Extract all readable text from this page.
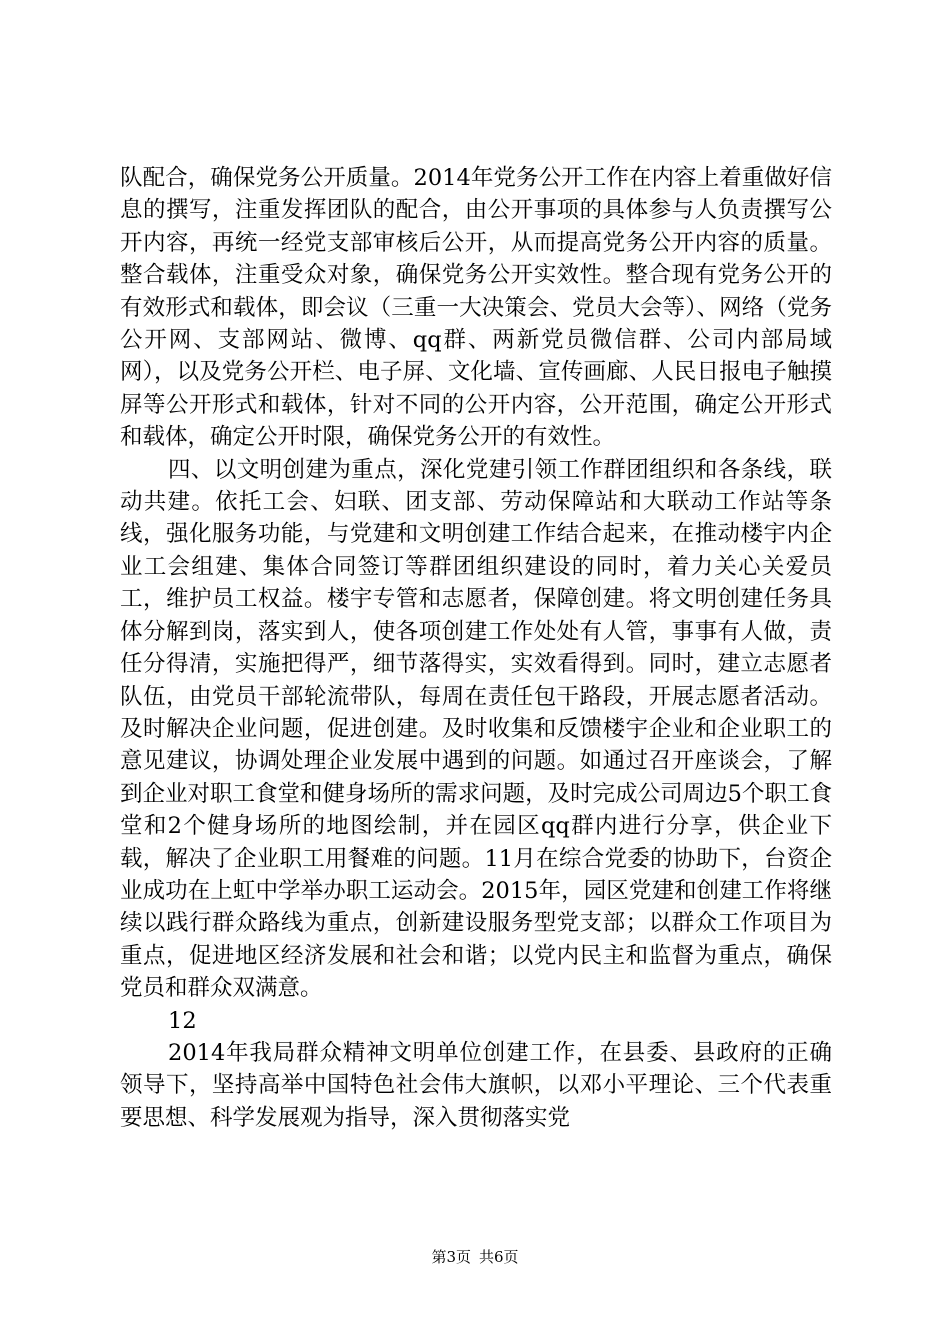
队配合，确保党务公开质量。2014年党务公开工作在内容上着重做好信息的撰写，注重发挥团队的配合，由公开事项的具体参与人负责撰写公开内容，再统一经党支部审核后公开，从而提高党务公开内容的质量。整合载体，注重受众对象，确保党务公开实效性。整合现有党务公开的有效形式和载体，即会议（三重一大决策会、党员大会等）、网络（党务公开网、支部网站、微博、qq群、两新党员微信群、公司内部局域网），以及党务公开栏、电子屏、文化墙、宣传画廊、人民日报电子触摸屏等公开形式和载体，针对不同的公开内容，公开范围，确定公开形式和载体，确定公开时限，确保党务公开的有效性。

四、以文明创建为重点，深化党建引领工作群团组织和各条线，联动共建。依托工会、妇联、团支部、劳动保障站和大联动工作站等条线，强化服务功能，与党建和文明创建工作结合起来，在推动楼宇内企业工会组建、集体合同签订等群团组织建设的同时，着力关心关爱员工，维护员工权益。楼宇专管和志愿者，保障创建。将文明创建任务具体分解到岗，落实到人，使各项创建工作处处有人管，事事有人做，责任分得清，实施把得严，细节落得实，实效看得到。同时，建立志愿者队伍，由党员干部轮流带队，每周在责任包干路段，开展志愿者活动。及时解决企业问题，促进创建。及时收集和反馈楼宇企业和企业职工的意见建议，协调处理企业发展中遇到的问题。如通过召开座谈会，了解到企业对职工食堂和健身场所的需求问题，及时完成公司周边5个职工食堂和2个健身场所的地图绘制，并在园区qq群内进行分享，供企业下载，解决了企业职工用餐难的问题。11月在综合党委的协助下，台资企业成功在上虹中学举办职工运动会。2015年，园区党建和创建工作将继续以践行群众路线为重点，创新建设服务型党支部；以群众工作项目为重点，促进地区经济发展和社会和谐；以党内民主和监督为重点，确保党员和群众双满意。

12

2014年我局群众精神文明单位创建工作，在县委、县政府的正确领导下，坚持高举中国特色社会伟大旗帜，以邓小平理论、三个代表重要思想、科学发展观为指导，深入贯彻落实党

第3页 共6页
